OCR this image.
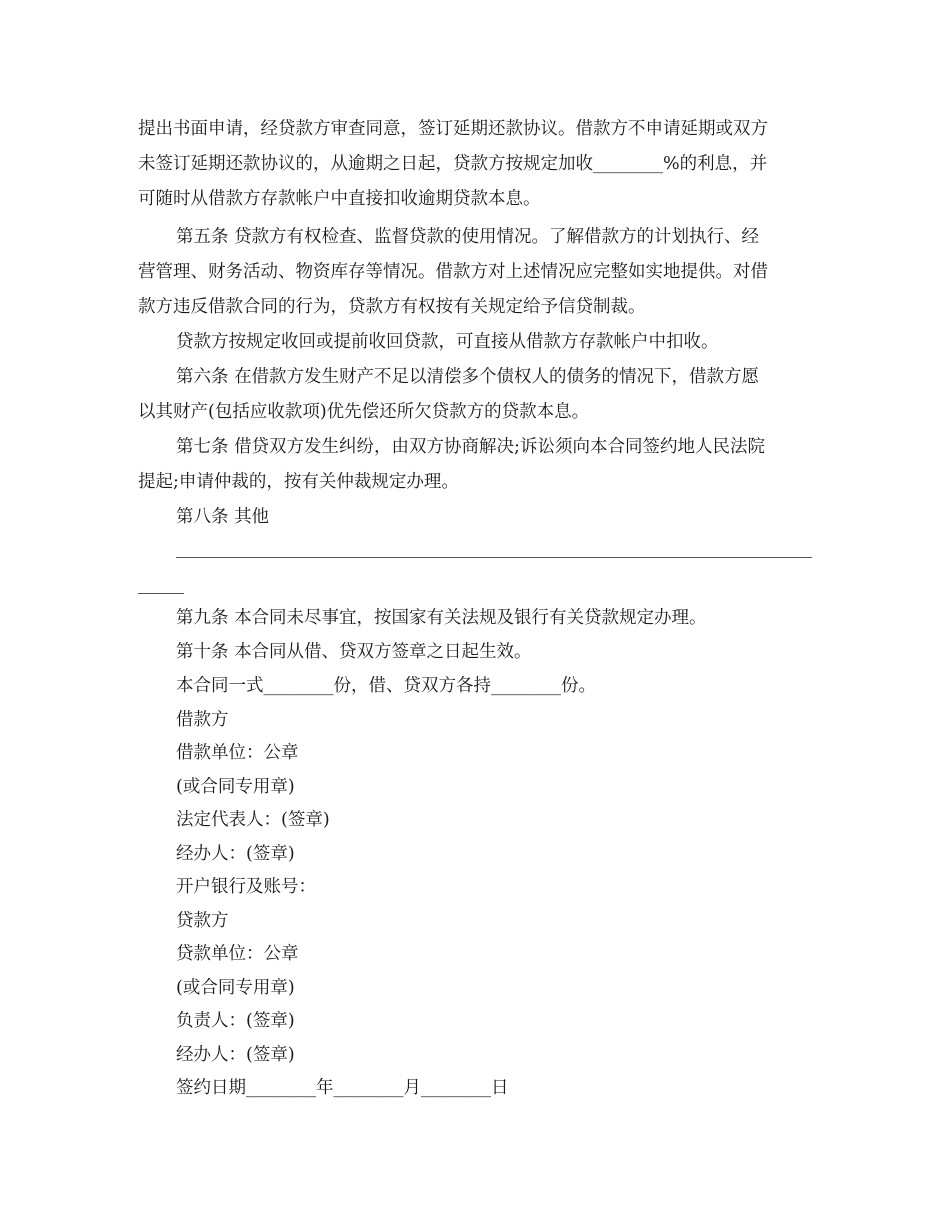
提出书面申请，经贷款方审查同意，签订延期还款协议。借款方不申请延期或双方
未签订延期还款协议的，从逾期之日起，贷款方按规定加收________%的利息，并
可随时从借款方存款帐户中直接扣收逾期贷款本息。
第五条 贷款方有权检查、监督贷款的使用情况。了解借款方的计划执行、经
营管理、财务活动、物资库存等情况。借款方对上述情况应完整如实地提供。对借
款方违反借款合同的行为，贷款方有权按有关规定给予信贷制裁。
贷款方按规定收回或提前收回贷款，可直接从借款方存款帐户中扣收。
第六条 在借款方发生财产不足以清偿多个债权人的债务的情况下，借款方愿
以其财产(包括应收款项)优先偿还所欠贷款方的贷款本息。
第七条 借贷双方发生纠纷，由双方协商解决;诉讼须向本合同签约地人民法院
提起;申请仲裁的，按有关仲裁规定办理。
第八条 其他
第九条 本合同未尽事宜，按国家有关法规及银行有关贷款规定办理。
第十条 本合同从借、贷双方签章之日起生效。
本合同一式________份，借、贷双方各持________份。
借款方
借款单位：公章
(或合同专用章)
法定代表人：(签章)
经办人：(签章)
开户银行及账号：
贷款方
贷款单位：公章
(或合同专用章)
负责人：(签章)
经办人：(签章)
签约日期________年________月________日
